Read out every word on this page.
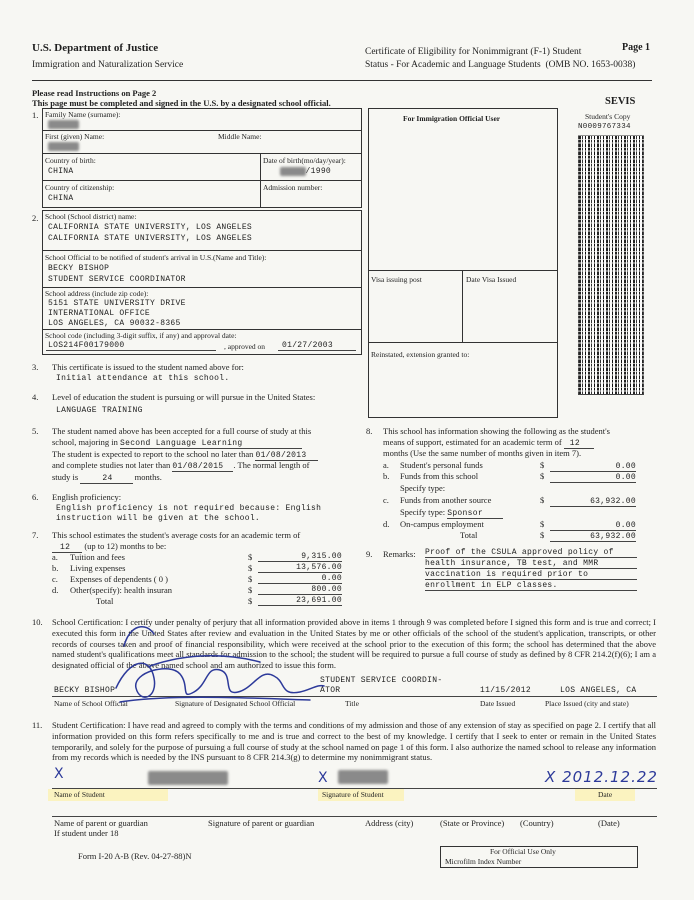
U.S. Department of Justice
Immigration and Naturalization Service
Certificate of Eligibility for Nonimmigrant (F-1) Student
Status - For Academic and Language Students (OMB NO. 1653-0038)
Page 1
Please read Instructions on Page 2
This page must be completed and signed in the U.S. by a designated school official.	SEVIS
Student's Copy
N0009767334
1. Family Name (surname):
First (given) Name:	Middle Name:
Country of birth:
CHINA
Date of birth(mo/day/year):
/1990
Country of citizenship:
CHINA
Admission number:
2. School (School district) name:
CALIFORNIA STATE UNIVERSITY, LOS ANGELES
CALIFORNIA STATE UNIVERSITY, LOS ANGELES
School Official to be notified of student's arrival in U.S.(Name and Title):
BECKY BISHOP
STUDENT SERVICE COORDINATOR
School address (include zip code):
5151 STATE UNIVERSITY DRIVE
INTERNATIONAL OFFICE
LOS ANGELES, CA 90032-8365
School code (including 3-digit suffix, if any) and approval date:
LOS214F00179000	, approved on 01/27/2003
For Immigration Official User
Visa issuing post	Date Visa Issued
Reinstated, extension granted to:
3. This certificate is issued to the student named above for:
Initial attendance at this school.
4. Level of education the student is pursuing or will pursue in the United States:
LANGUAGE TRAINING
5. The student named above has been accepted for a full course of study at this
school, majoring in Second Language Learning
The student is expected to report to the school no later than 01/08/2013
and complete studies not later than 01/08/2015 . The normal length of
study is	24	months.
6. English proficiency:
English proficiency is not required because: English
instruction will be given at the school.
7. This school estimates the student's average costs for an academic term of
12 (up to 12) months to be:
a. Tuition and fees	$	9,315.00
b. Living expenses	$	13,576.00
c. Expenses of dependents ( 0 )	$	0.00
d. Other(specify): health insuran	$	800.00
Total	$	23,691.00
8. This school has information showing the following as the student's
means of support, estimated for an academic term of 12
months (Use the same number of months given in item 7).
a. Student's personal funds	$	0.00
b. Funds from this school	$	0.00
Specify type:
c. Funds from another source	$	63,932.00
Specify type: Sponsor
d. On-campus employment	$	0.00
Total	$	63,932.00
9. Remarks: Proof of the CSULA approved policy of
health insurance, TB test, and MMR
vaccination is required prior to
enrollment in ELP classes.
10. School Certification: I certify under penalty of perjury that all information provided above in items 1 through 9 was completed before I signed this form and is true and correct; I executed this form in the United States after review and evaluation in the United States by me or other officials of the school of the student's application, transcripts, or other records of courses taken and proof of financial responsibility, which were received at the school prior to the execution of this form; the school has determined that the above named student's qualifications meet all standards for admission to the school; the student will be required to pursue a full course of study as defined by 8 CFR 214.2(f)(6); I am a designated official of the above named school and am authorized to issue this form.
BECKY BISHOP
STUDENT SERVICE COORDIN-
ATOR	11/15/2012	LOS ANGELES, CA
Name of School Official	Signature of Designated School Official	Title	Date Issued	Place Issued (city and state)
11. Student Certification: I have read and agreed to comply with the terms and conditions of my admission and those of any extension of stay as specified on page 2. I certify that all information provided on this form refers specifically to me and is true and correct to the best of my knowledge. I certify that I seek to enter or remain in the United States temporarily, and solely for the purpose of pursuing a full course of study at the school named on page 1 of this form. I also authorize the named school to release any information from my records which is needed by the INS pursuant to 8 CFR 214.3(g) to determine my nonimmigrant status.
X	X	X 2012.12.22
Name of Student	Signature of Student	Date
Name of parent or guardian	Signature of parent or guardian	Address (city)	(State or Province) (Country)	(Date)
If student under 18
Form I-20 A-B (Rev. 04-27-88)N	For Official Use Only
Microfilm Index Number
